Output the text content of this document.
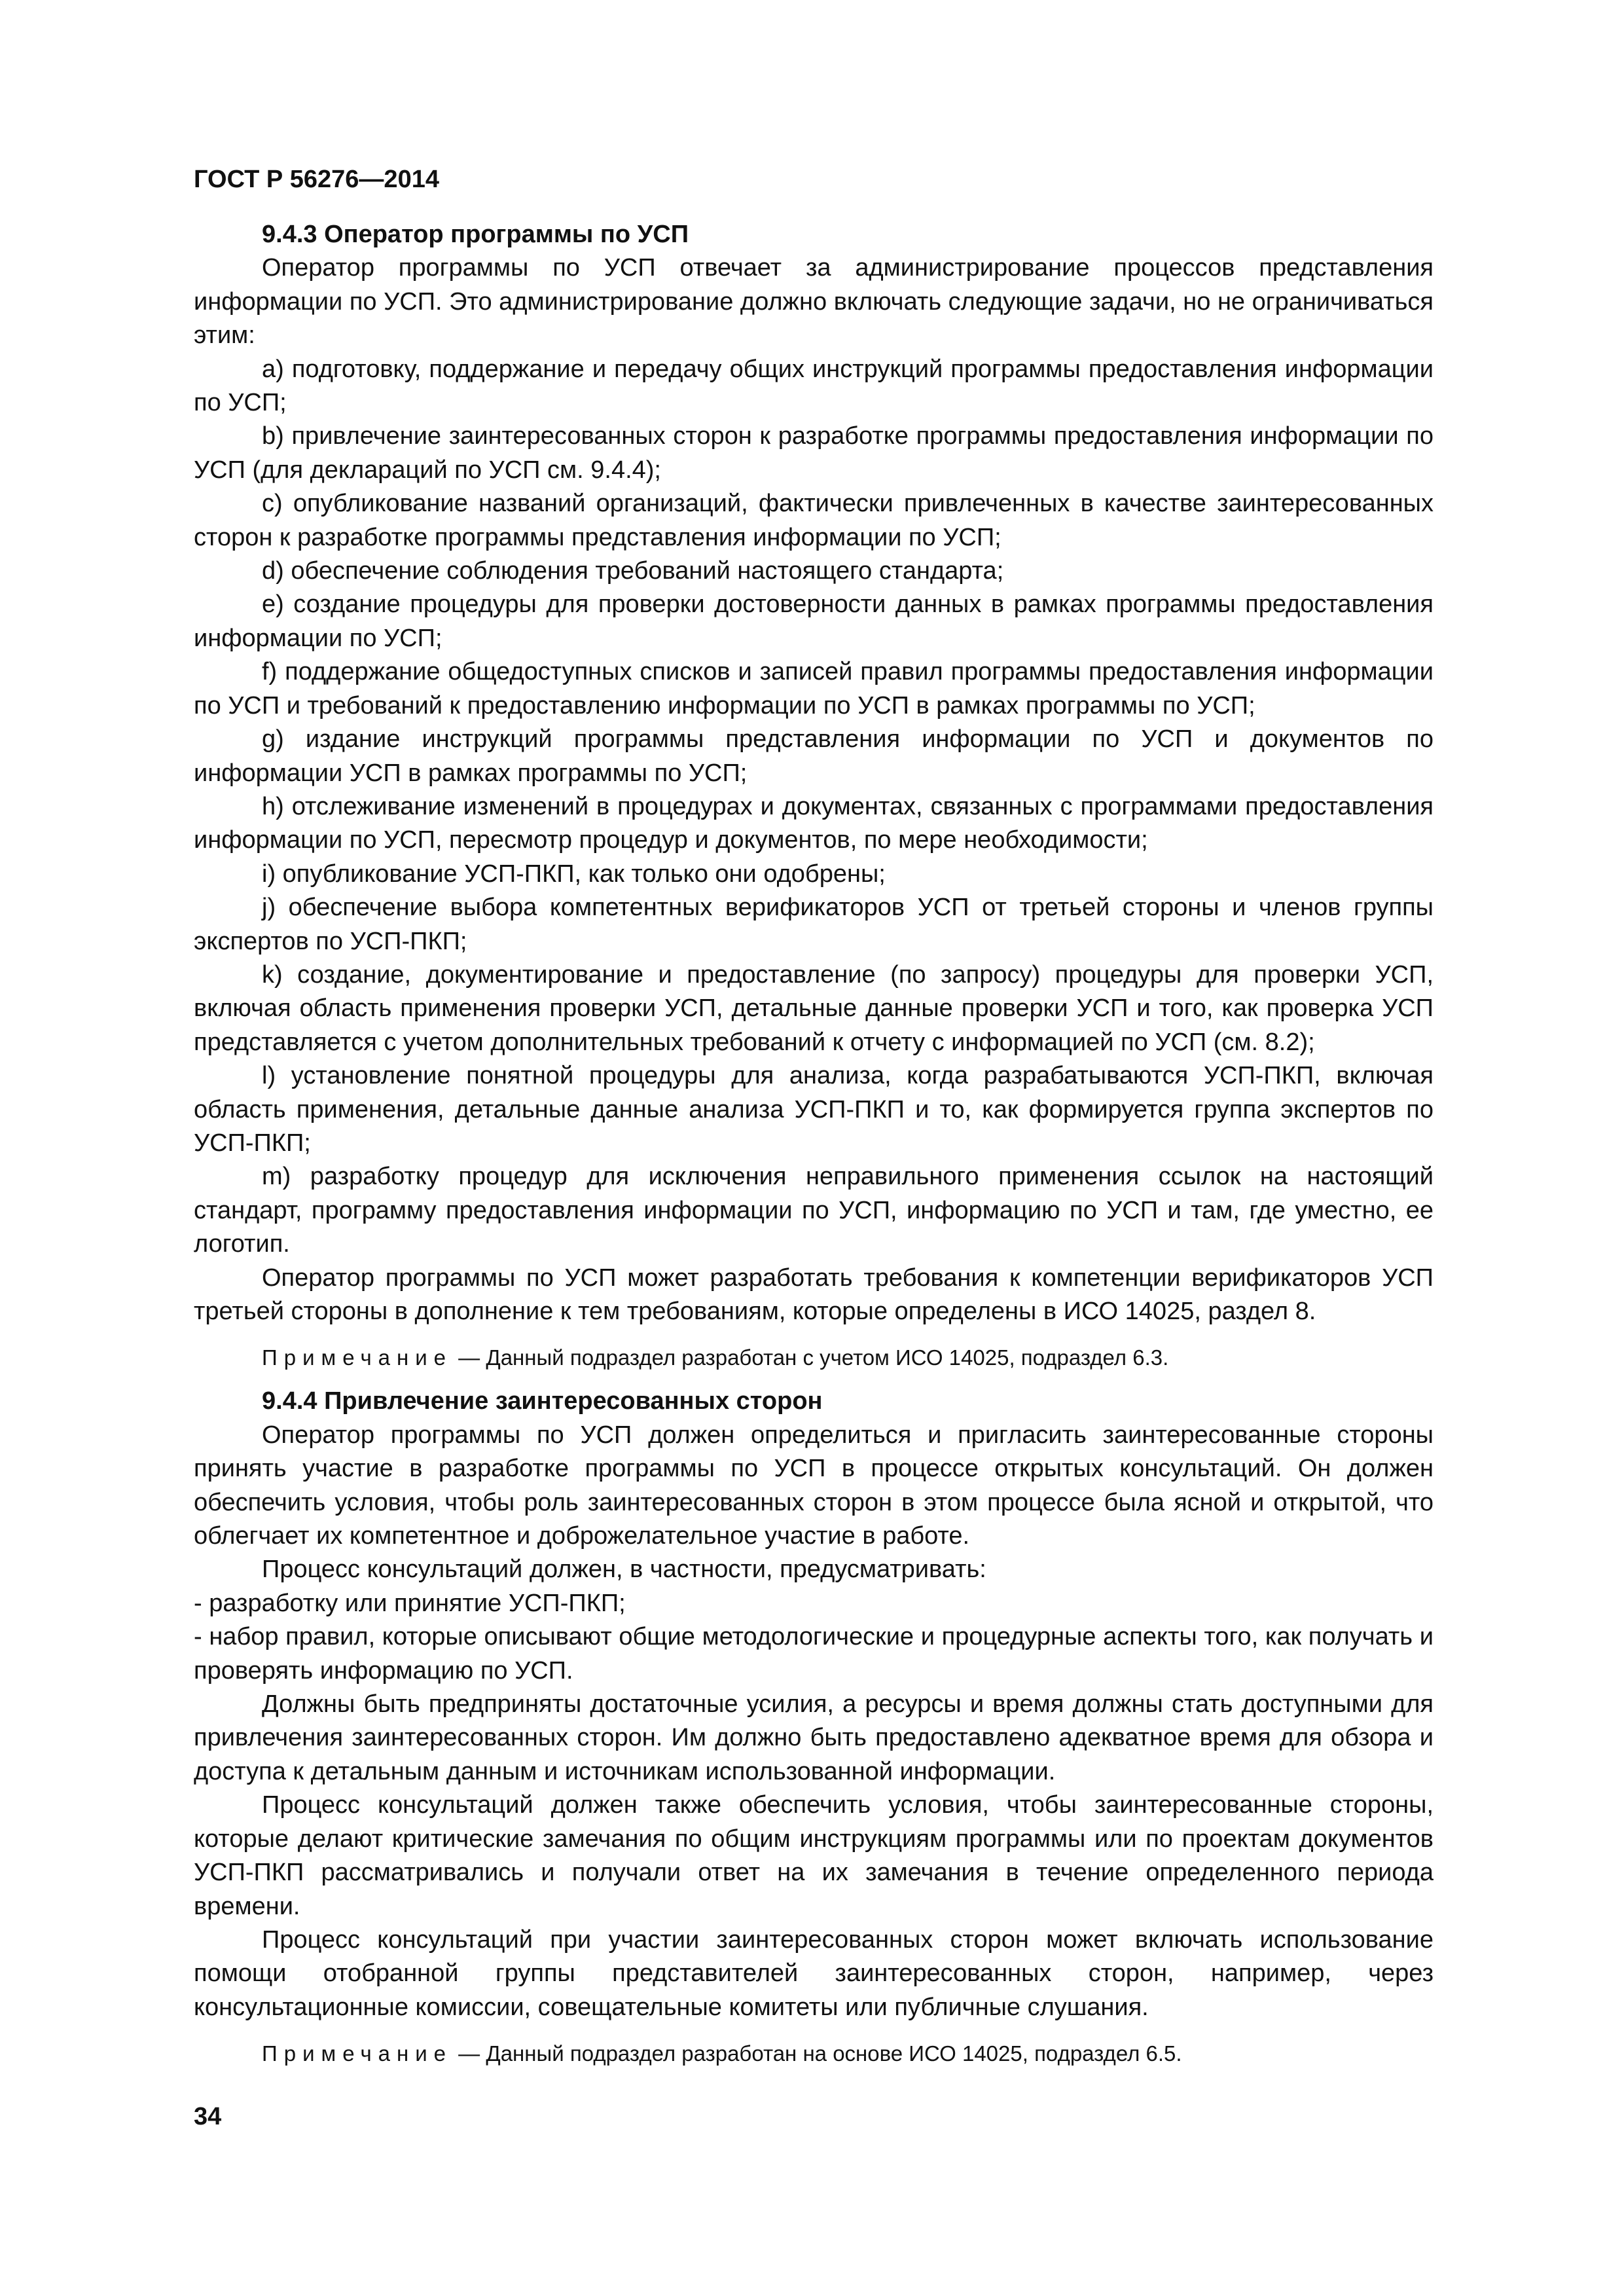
ГОСТ Р 56276—2014

9.4.3 Оператор программы по УСП

Оператор программы по УСП отвечает за администрирование процессов представления информации по УСП. Это администрирование должно включать следующие задачи, но не ограничиваться этим:

a) подготовку, поддержание и передачу общих инструкций программы предоставления информации по УСП;

b) привлечение заинтересованных сторон к разработке программы предоставления информации по УСП (для деклараций по УСП см. 9.4.4);

c) опубликование названий организаций, фактически привлеченных в качестве заинтересованных сторон к разработке программы представления информации по УСП;

d) обеспечение соблюдения требований настоящего стандарта;

e) создание процедуры для проверки достоверности данных в рамках программы предоставления информации по УСП;

f) поддержание общедоступных списков и записей правил программы предоставления информации по УСП и требований к предоставлению информации по УСП в рамках программы по УСП;

g) издание инструкций программы представления информации по УСП и документов по информации УСП в рамках программы по УСП;

h) отслеживание изменений в процедурах и документах, связанных с программами предоставления информации по УСП, пересмотр процедур и документов, по мере необходимости;

i) опубликование УСП-ПКП, как только они одобрены;

j) обеспечение выбора компетентных верификаторов УСП от третьей стороны и членов группы экспертов по УСП-ПКП;

k) создание, документирование и предоставление (по запросу) процедуры для проверки УСП, включая область применения проверки УСП, детальные данные проверки УСП и того, как проверка УСП представляется с учетом дополнительных требований к отчету с информацией по УСП (см. 8.2);

l) установление понятной процедуры для анализа, когда разрабатываются УСП-ПКП, включая область применения, детальные данные анализа УСП-ПКП и то, как формируется группа экспертов по УСП-ПКП;

m) разработку процедур для исключения неправильного применения ссылок на настоящий стандарт, программу предоставления информации по УСП, информацию по УСП и там, где уместно, ее логотип.

Оператор программы по УСП может разработать требования к компетенции верификаторов УСП третьей стороны в дополнение к тем требованиям, которые определены в ИСО 14025, раздел 8.

Примечание — Данный подраздел разработан с учетом ИСО 14025, подраздел 6.3.

9.4.4 Привлечение заинтересованных сторон

Оператор программы по УСП должен определиться и пригласить заинтересованные стороны принять участие в разработке программы по УСП в процессе открытых консультаций. Он должен обеспечить условия, чтобы роль заинтересованных сторон в этом процессе была ясной и открытой, что облегчает их компетентное и доброжелательное участие в работе.

Процесс консультаций должен, в частности, предусматривать:

- разработку или принятие УСП-ПКП;

- набор правил, которые описывают общие методологические и процедурные аспекты того, как получать и проверять информацию по УСП.

Должны быть предприняты достаточные усилия, а ресурсы и время должны стать доступными для привлечения заинтересованных сторон. Им должно быть предоставлено адекватное время для обзора и доступа к детальным данным и источникам использованной информации.

Процесс консультаций должен также обеспечить условия, чтобы заинтересованные стороны, которые делают критические замечания по общим инструкциям программы или по проектам документов УСП-ПКП рассматривались и получали ответ на их замечания в течение определенного периода времени.

Процесс консультаций при участии заинтересованных сторон может включать использование помощи отобранной группы представителей заинтересованных сторон, например, через консультационные комиссии, совещательные комитеты или публичные слушания.

Примечание — Данный подраздел разработан на основе ИСО 14025, подраздел 6.5.
34
